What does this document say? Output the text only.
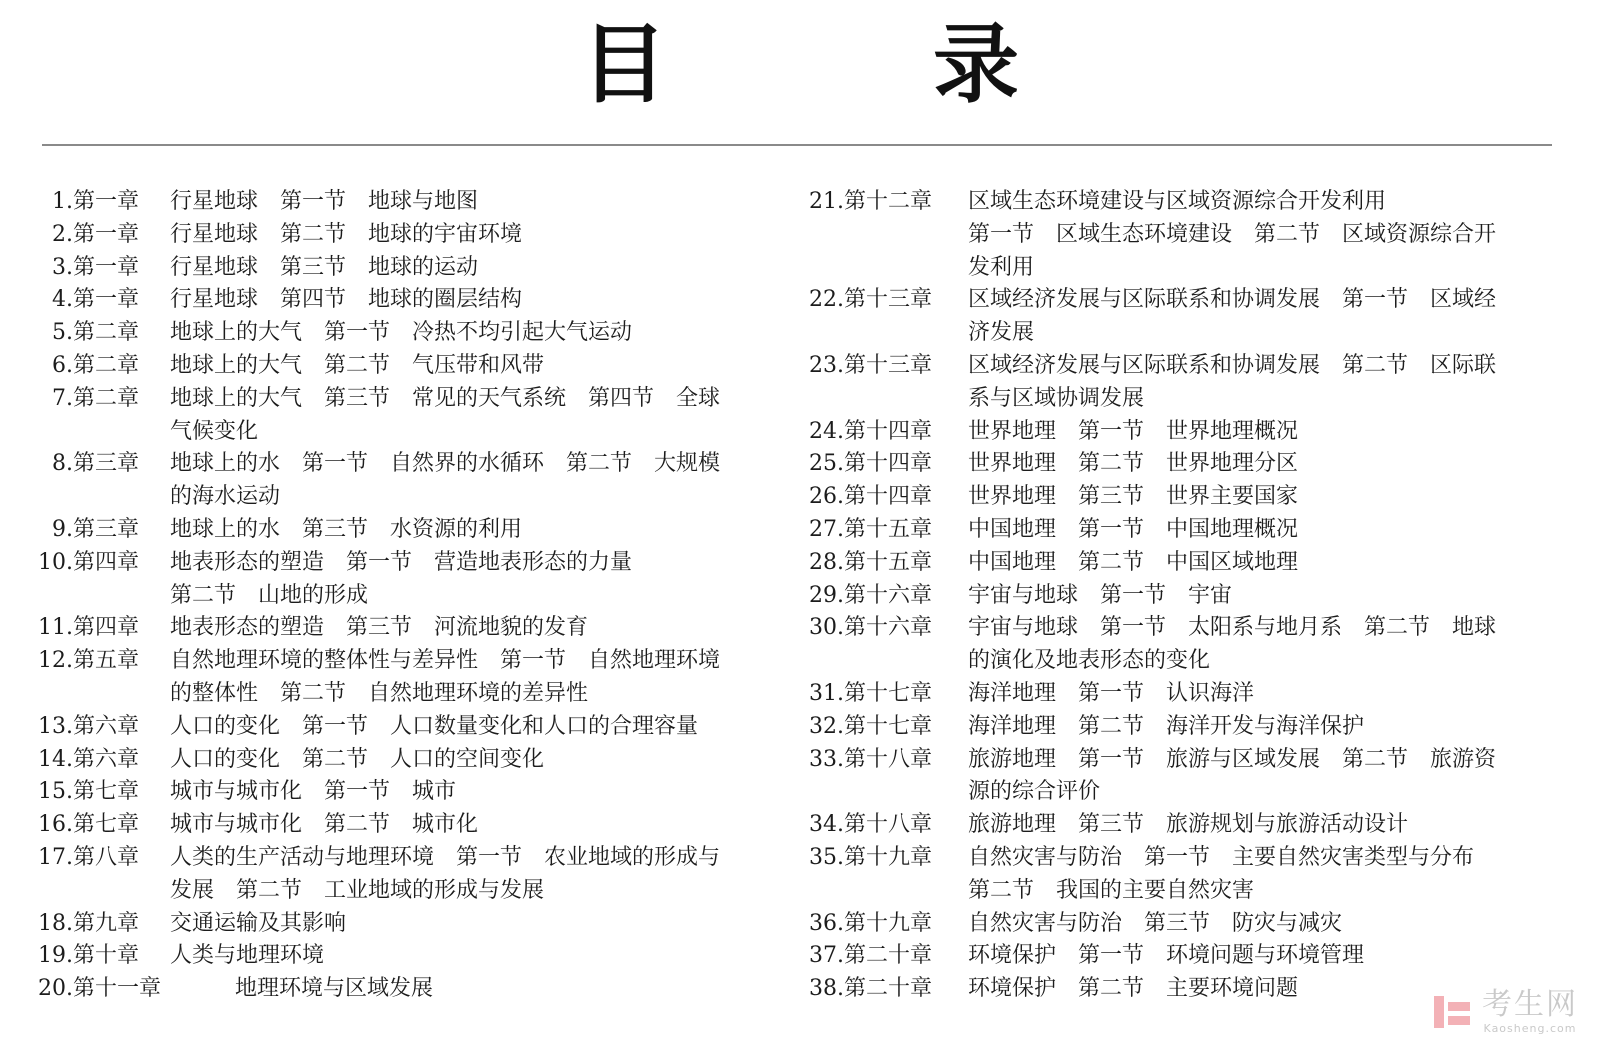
目　录
1. 第一章	行星地球　第一节　地球与地图
2. 第一章	行星地球　第二节　地球的宇宙环境
3. 第一章	行星地球　第三节　地球的运动
4. 第一章	行星地球　第四节　地球的圈层结构
5. 第二章	地球上的大气　第一节　冷热不均引起大气运动
6. 第二章	地球上的大气　第二节　气压带和风带
7. 第二章	地球上的大气　第三节　常见的天气系统　第四节　全球
气候变化
8. 第三章	地球上的水　第一节　自然界的水循环　第二节　大规模
的海水运动
9. 第三章	地球上的水　第三节　水资源的利用
10. 第四章	地表形态的塑造　第一节　营造地表形态的力量
第二节　山地的形成
11. 第四章	地表形态的塑造　第三节　河流地貌的发育
12. 第五章	自然地理环境的整体性与差异性　第一节　自然地理环境
的整体性　第二节　自然地理环境的差异性
13. 第六章	人口的变化　第一节　人口数量变化和人口的合理容量
14. 第六章	人口的变化　第二节　人口的空间变化
15. 第七章	城市与城市化　第一节　城市
16. 第七章	城市与城市化　第二节　城市化
17. 第八章	人类的生产活动与地理环境　第一节　农业地域的形成与
发展　第二节　工业地域的形成与发展
18. 第九章	交通运输及其影响
19. 第十章	人类与地理环境
20. 第十一章	地理环境与区域发展
21. 第十二章	区域生态环境建设与区域资源综合开发利用
第一节　区域生态环境建设　第二节　区域资源综合开
发利用
22. 第十三章	区域经济发展与区际联系和协调发展　第一节　区域经
济发展
23. 第十三章	区域经济发展与区际联系和协调发展　第二节　区际联
系与区域协调发展
24. 第十四章	世界地理　第一节　世界地理概况
25. 第十四章	世界地理　第二节　世界地理分区
26. 第十四章	世界地理　第三节　世界主要国家
27. 第十五章	中国地理　第一节　中国地理概况
28. 第十五章	中国地理　第二节　中国区域地理
29. 第十六章	宇宙与地球　第一节　宇宙
30. 第十六章	宇宙与地球　第一节　太阳系与地月系　第二节　地球
的演化及地表形态的变化
31. 第十七章	海洋地理　第一节　认识海洋
32. 第十七章	海洋地理　第二节　海洋开发与海洋保护
33. 第十八章	旅游地理　第一节　旅游与区域发展　第二节　旅游资
源的综合评价
34. 第十八章	旅游地理　第三节　旅游规划与旅游活动设计
35. 第十九章	自然灾害与防治　第一节　主要自然灾害类型与分布
第二节　我国的主要自然灾害
36. 第十九章	自然灾害与防治　第三节　防灾与减灾
37. 第二十章	环境保护　第一节　环境问题与环境管理
38. 第二十章	环境保护　第二节　主要环境问题	考生网
Kaosheng.com
